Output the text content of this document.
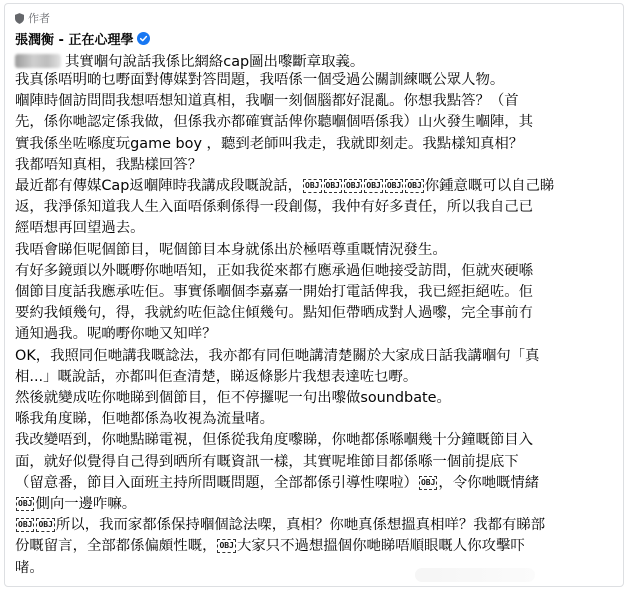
作者
張潤衡 - 正在心理學
其實嗰句說話我係比網絡cap圖出嚟斷章取義。

我真係唔明啲乜嘢面對傳媒對答問題，我唔係一個受過公關訓練嘅公眾人物。

嗰陣時個訪問問我想唔想知道真相，我嗰一刻個腦都好混亂。你想我點答？（首

先，係你哋認定係我做，但係我亦都確實話俾你聽嗰個唔係我）山火發生嗰陣，其

實我係坐咗喺度玩game boy ，聽到老師叫我走，我就即刻走。我點樣知真相？

我都唔知真相，我點樣回答？

最近都有傳媒Cap返嗰陣時我講成段嘅說話， OBJ OBJ OBJ OBJ OBJ OBJ 你鍾意嘅可以自己睇

返，我淨係知道我人生入面唔係剩係得一段創傷，我仲有好多責任，所以我自己已

經唔想再回望過去。

我唔會睇佢呢個節目，呢個節目本身就係出於極唔尊重嘅情況發生。

有好多鏡頭以外嘅嘢你哋唔知，正如我從來都冇應承過佢哋接受訪問，佢就夾硬喺

個節目度話我應承咗佢。事實係嗰個李嘉嘉一開始打電話俾我，我已經拒絕咗。佢

要約我傾幾句，得，我就約咗佢諗住傾幾句。點知佢帶晒成對人過嚟，完全事前冇

通知過我。呢啲嘢你哋又知咩？

OK，我照同佢哋講我嘅諗法，我亦都有同佢哋講清楚關於大家成日話我講嗰句「真

相...」嘅說話，亦都叫佢查清楚，睇返條影片我想表達咗乜嘢。

然後就變成咗你哋睇到個節目，佢不停攞呢一句出嚟做soundbate。

喺我角度睇，佢哋都係為收視為流量啫。

我改變唔到，你哋點睇電視，但係從我角度嚟睇，你哋都係喺嗰幾十分鐘嘅節目入

面，就好似覺得自己得到晒所有嘅資訊一樣，其實呢堆節目都係喺一個前提底下

（留意番，節目入面班主持所問嘅問題，全部都係引導性㗎啦） OBJ ，令你哋嘅情緒

OBJ 側向一邊咋嘛。

OBJ OBJ 所以，我而家都係保持嗰個諗法㗎，真相？你哋真係想搵真相咩？我都有睇部

份嘅留言，全部都係偏頗性嘅， OBJ 大家只不過想搵個你哋睇唔順眼嘅人你攻擊吓

啫。
